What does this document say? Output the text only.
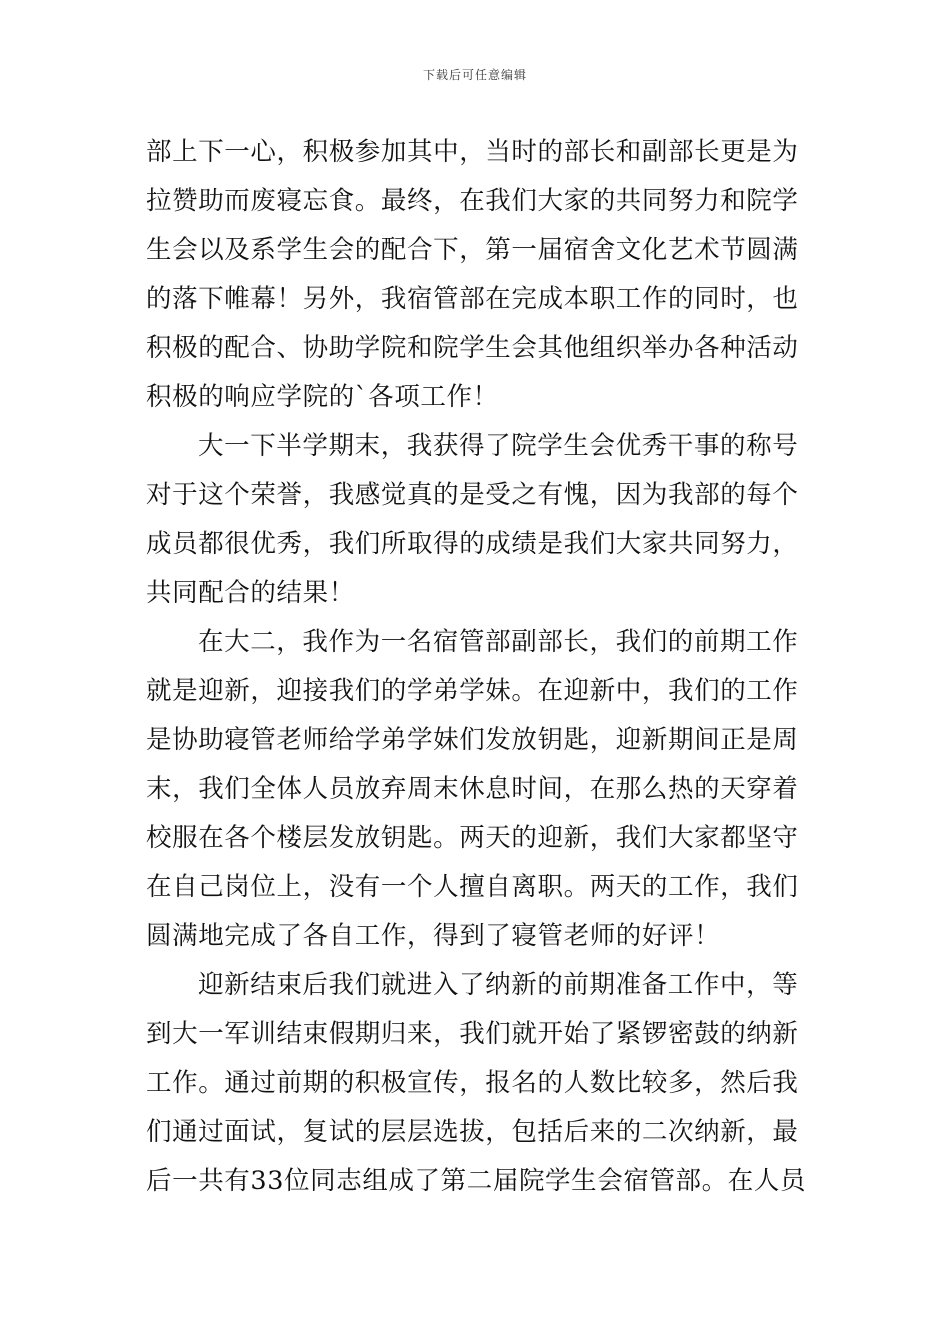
下载后可任意编辑
部上下一心，积极参加其中，当时的部长和副部长更是为
拉赞助而废寝忘食。最终，在我们大家的共同努力和院学
生会以及系学生会的配合下，第一届宿舍文化艺术节圆满
的落下帷幕！另外，我宿管部在完成本职工作的同时，也
积极的配合、协助学院和院学生会其他组织举办各种活动
积极的响应学院的`各项工作！
大一下半学期末，我获得了院学生会优秀干事的称号
对于这个荣誉，我感觉真的是受之有愧，因为我部的每个
成员都很优秀，我们所取得的成绩是我们大家共同努力，
共同配合的结果！
在大二，我作为一名宿管部副部长，我们的前期工作
就是迎新，迎接我们的学弟学妹。在迎新中，我们的工作
是协助寝管老师给学弟学妹们发放钥匙，迎新期间正是周
末，我们全体人员放弃周末休息时间，在那么热的天穿着
校服在各个楼层发放钥匙。两天的迎新，我们大家都坚守
在自己岗位上，没有一个人擅自离职。两天的工作，我们
圆满地完成了各自工作，得到了寝管老师的好评！
迎新结束后我们就进入了纳新的前期准备工作中，等
到大一军训结束假期归来，我们就开始了紧锣密鼓的纳新
工作。通过前期的积极宣传，报名的人数比较多，然后我
们通过面试，复试的层层选拔，包括后来的二次纳新，最
后一共有33位同志组成了第二届院学生会宿管部。在人员
